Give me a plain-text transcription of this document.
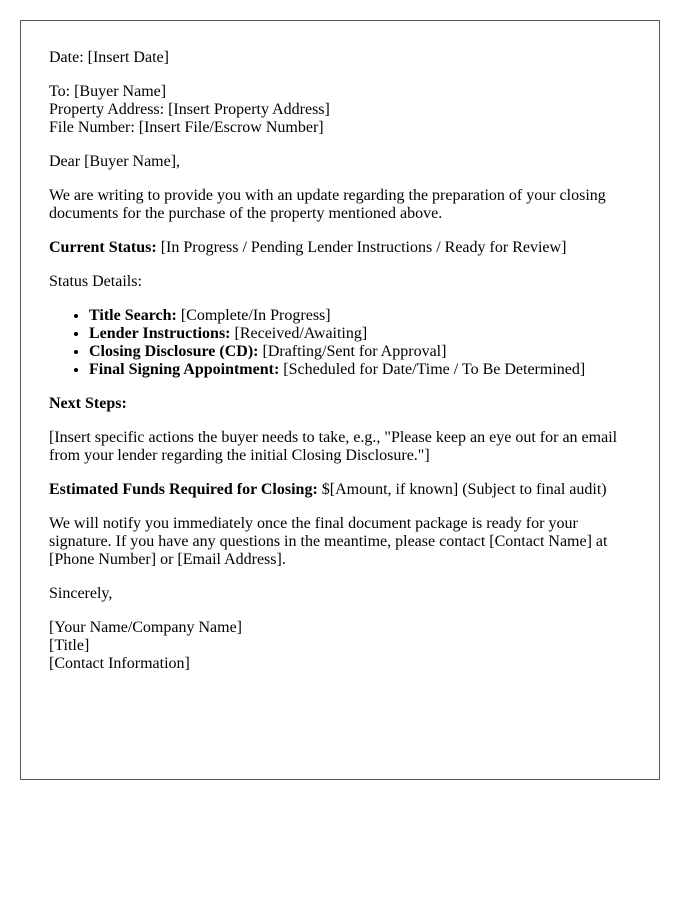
Date: [Insert Date]

To: [Buyer Name]
Property Address: [Insert Property Address]
File Number: [Insert File/Escrow Number]

Dear [Buyer Name],

We are writing to provide you with an update regarding the preparation of your closing
documents for the purchase of the property mentioned above.

Current Status: [In Progress / Pending Lender Instructions / Ready for Review]

Status Details:

• Title Search: [Complete/In Progress]
• Lender Instructions: [Received/Awaiting]
• Closing Disclosure (CD): [Drafting/Sent for Approval]
• Final Signing Appointment: [Scheduled for Date/Time / To Be Determined]

Next Steps:

[Insert specific actions the buyer needs to take, e.g., "Please keep an eye out for an email
from your lender regarding the initial Closing Disclosure."]

Estimated Funds Required for Closing: $[Amount, if known] (Subject to final audit)

We will notify you immediately once the final document package is ready for your
signature. If you have any questions in the meantime, please contact [Contact Name] at
[Phone Number] or [Email Address].

Sincerely,

[Your Name/Company Name]
[Title]
[Contact Information]
